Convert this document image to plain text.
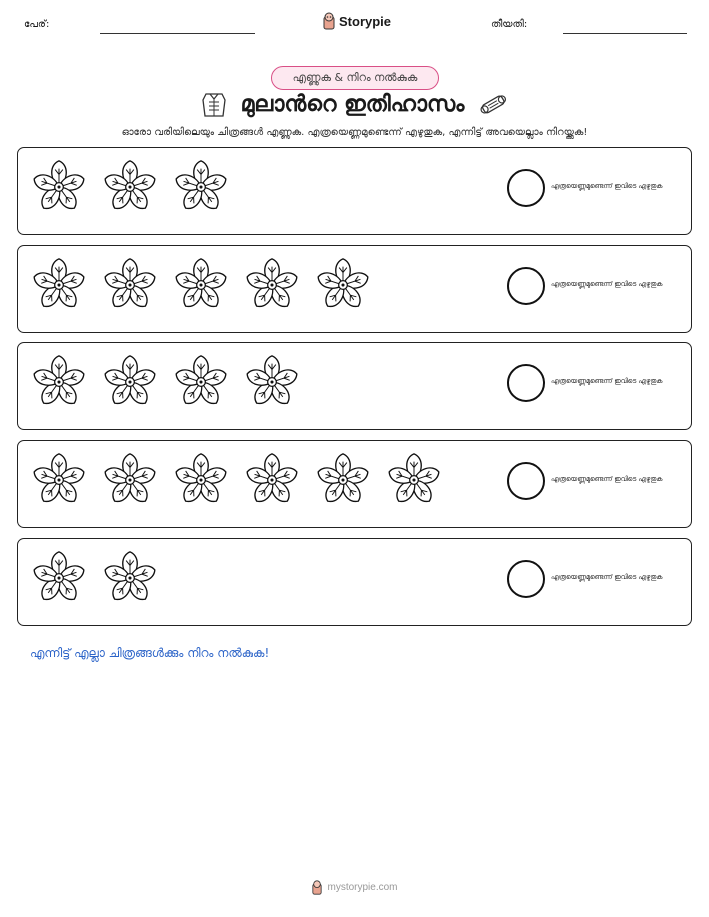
പേര്:	Storypie	തീയതി:
എണ്ണുക & നിറം നൽകുക
മുലാൻറെ ഇതിഹാസം
ഓരോ വരിയിലെയും ചിത്രങ്ങൾ എണ്ണുക. എത്രയെണ്ണമുണ്ടെന്ന് എഴുതുക, എന്നിട്ട് അവയെല്ലാം നിറയ്ക്കുക!
എത്രയെണ്ണമുണ്ടെന്ന് ഇവിടെ എഴുതുക
എത്രയെണ്ണമുണ്ടെന്ന് ഇവിടെ എഴുതുക
എത്രയെണ്ണമുണ്ടെന്ന് ഇവിടെ എഴുതുക
എത്രയെണ്ണമുണ്ടെന്ന് ഇവിടെ എഴുതുക
എത്രയെണ്ണമുണ്ടെന്ന് ഇവിടെ എഴുതുക
എന്നിട്ട് എല്ലാ ചിത്രങ്ങൾക്കും നിറം നൽകുക!
mystorypie.com
